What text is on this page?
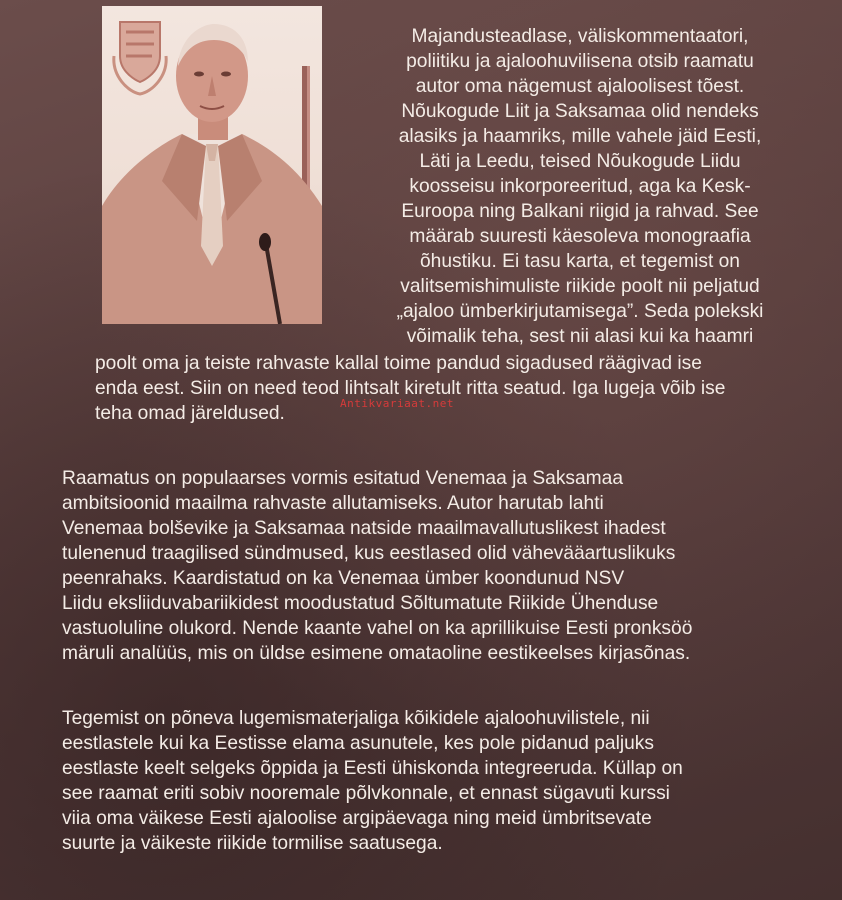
Majandusteadlase, väliskommentaatori,

poliitiku ja ajaloohuvilisena otsib raamatu

autor oma nägemust ajaloolisest tõest.

Nõukogude Liit ja Saksamaa olid nendeks

alasiks ja haamriks, mille vahele jäid Eesti,

Läti ja Leedu, teised Nõukogude Liidu

koosseisu inkorporeeritud, aga ka Kesk-

Euroopa ning Balkani riigid ja rahvad. See

määrab suuresti käesoleva monograafia

õhustiku. Ei tasu karta, et tegemist on

valitsemishimuliste riikide poolt nii peljatud

„ajaloo ümberkirjutamisega”. Seda polekski

võimalik teha, sest nii alasi kui ka haamri

poolt oma ja teiste rahvaste kallal toime pandud sigadused räägivad ise

enda eest. Siin on need teod lihtsalt kiretult ritta seatud. Iga lugeja võib ise

teha omad järeldused.	Antikvariaat.net

Raamatus on populaarses vormis esitatud Venemaa ja Saksamaa

ambitsioonid maailma rahvaste allutamiseks. Autor harutab lahti

Venemaa bolševike ja Saksamaa natside maailmavallutuslikest ihadest

tulenenud traagilised sündmused, kus eestlased olid vähevääartuslikuks

peenrahaks. Kaardistatud on ka Venemaa ümber koondunud NSV

Liidu eksliiduvabariikidest moodustatud Sõltumatute Riikide Ühenduse

vastuoluline olukord. Nende kaante vahel on ka aprillikuise Eesti pronksöö

märuli analüüs, mis on üldse esimene omataoline eestikeelses kirjasõnas.

Tegemist on põneva lugemismaterjaliga kõikidele ajaloohuvilistele, nii

eestlastele kui ka Eestisse elama asunutele, kes pole pidanud paljuks

eestlaste keelt selgeks õppida ja Eesti ühiskonda integreeruda. Küllap on

see raamat eriti sobiv nooremale põlvkonnale, et ennast sügavuti kurssi

viia oma väikese Eesti ajaloolise argipäevaga ning meid ümbritsevate

suurte ja väikeste riikide tormilise saatusega.
